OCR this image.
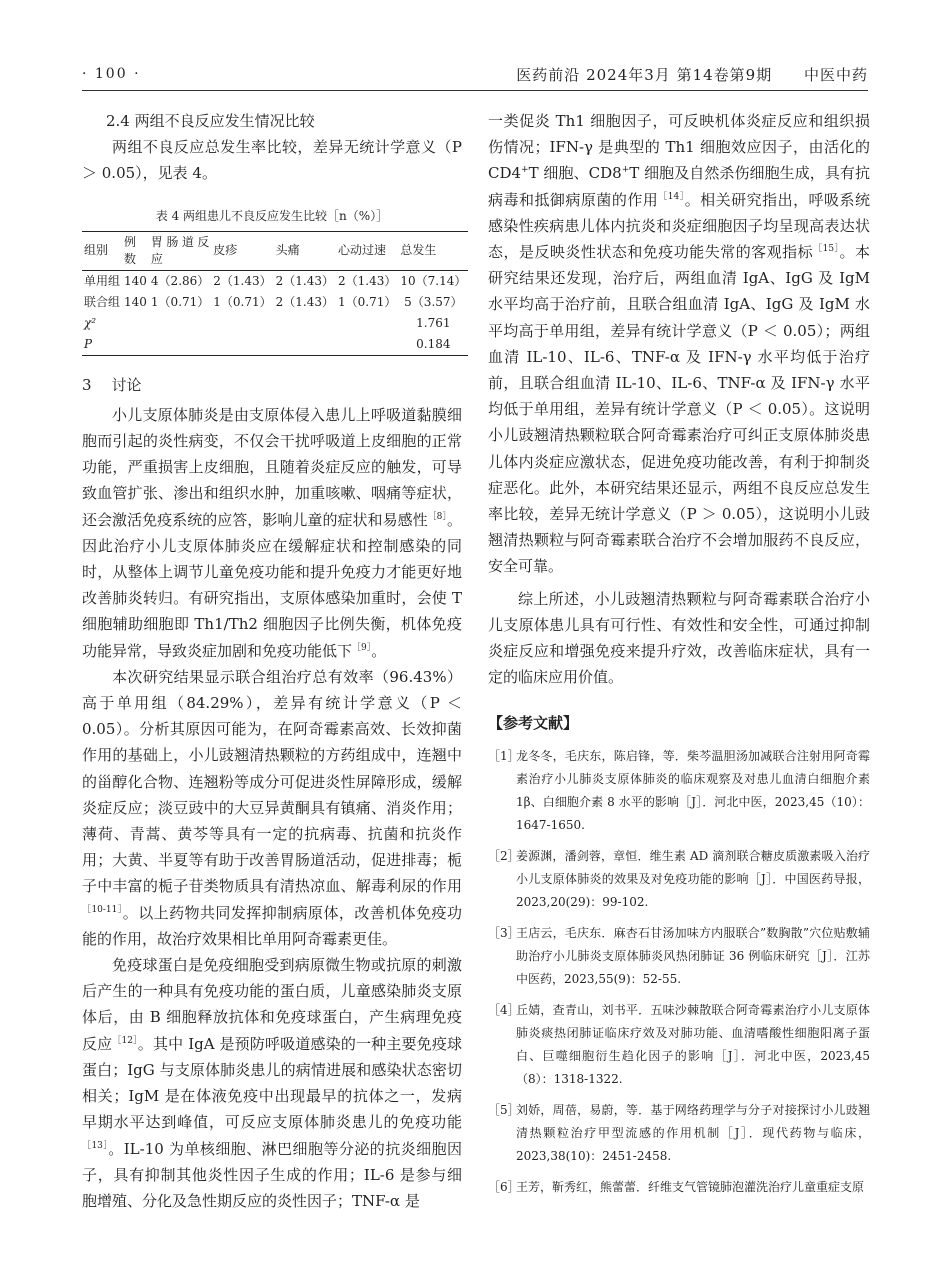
· 100 ·	医药前沿 2024年3月 第14卷第9期 中医中药

2.4 两组不良反应发生情况比较

两组不良反应总发生率比较，差异无统计学意义（P ＞ 0.05），见表 4。

表 4 两组患儿不良反应发生比较［n（%）］
组别	例数	胃肠道反应	皮疹	头痛	心动过速	总发生
单用组	140	4（2.86）	2（1.43）	2（1.43）	2（1.43）	10（7.14）
联合组	140	1（0.71）	1（0.71）	2（1.43）	1（0.71）	5（3.57）
χ²						1.761
P						0.184

3 讨论

小儿支原体肺炎是由支原体侵入患儿上呼吸道黏膜细胞而引起的炎性病变，不仅会干扰呼吸道上皮细胞的正常功能，严重损害上皮细胞，且随着炎症反应的触发，可导致血管扩张、渗出和组织水肿，加重咳嗽、咽痛等症状，还会激活免疫系统的应答，影响儿童的症状和易感性$^{[8]}$。因此治疗小儿支原体肺炎应在缓解症状和控制感染的同时，从整体上调节儿童免疫功能和提升免疫力才能更好地改善肺炎转归。有研究指出，支原体感染加重时，会使 T 细胞辅助细胞即 Th1/Th2 细胞因子比例失衡，机体免疫功能异常，导致炎症加剧和免疫功能低下$^{[9]}$。

本次研究结果显示联合组治疗总有效率（96.43%）高于单用组（84.29%），差异有统计学意义（P ＜ 0.05）。分析其原因可能为，在阿奇霉素高效、长效抑菌作用的基础上，小儿豉翘清热颗粒的方药组成中，连翘中的甾醇化合物、连翘粉等成分可促进炎性屏障形成，缓解炎症反应；淡豆豉中的大豆异黄酮具有镇痛、消炎作用；薄荷、青蒿、黄芩等具有一定的抗病毒、抗菌和抗炎作用；大黄、半夏等有助于改善胃肠道活动，促进排毒；栀子中丰富的栀子苷类物质具有清热凉血、解毒利尿的作用$^{[10-11]}$。以上药物共同发挥抑制病原体，改善机体免疫功能的作用，故治疗效果相比单用阿奇霉素更佳。

免疫球蛋白是免疫细胞受到病原微生物或抗原的刺激后产生的一种具有免疫功能的蛋白质，儿童感染肺炎支原体后，由 B 细胞释放抗体和免疫球蛋白，产生病理免疫反应$^{[12]}$。其中 IgA 是预防呼吸道感染的一种主要免疫球蛋白；IgG 与支原体肺炎患儿的病情进展和感染状态密切相关；IgM 是在体液免疫中出现最早的抗体之一，发病早期水平达到峰值，可反应支原体肺炎患儿的免疫功能$^{[13]}$。IL-10 为单核细胞、淋巴细胞等分泌的抗炎细胞因子，具有抑制其他炎性因子生成的作用；IL-6 是参与细胞增殖、分化及急性期反应的炎性因子；TNF-α 是

一类促炎 Th1 细胞因子，可反映机体炎症反应和组织损伤情况；IFN-γ 是典型的 Th1 细胞效应因子，由活化的 CD4+T 细胞、CD8+T 细胞及自然杀伤细胞生成，具有抗病毒和抵御病原菌的作用$^{[14]}$。相关研究指出，呼吸系统感染性疾病患儿体内抗炎和炎症细胞因子均呈现高表达状态，是反映炎性状态和免疫功能失常的客观指标$^{[15]}$。本研究结果还发现，治疗后，两组血清 IgA、IgG 及 IgM 水平均高于治疗前，且联合组血清 IgA、IgG 及 IgM 水平均高于单用组，差异有统计学意义（P ＜ 0.05）；两组血清 IL-10、IL-6、TNF-α 及 IFN-γ 水平均低于治疗前，且联合组血清 IL-10、IL-6、TNF-α 及 IFN-γ 水平均低于单用组，差异有统计学意义（P ＜ 0.05）。这说明小儿豉翘清热颗粒联合阿奇霉素治疗可纠正支原体肺炎患儿体内炎症应激状态，促进免疫功能改善，有利于抑制炎症恶化。此外，本研究结果还显示，两组不良反应总发生率比较，差异无统计学意义（P ＞ 0.05），这说明小儿豉翘清热颗粒与阿奇霉素联合治疗不会增加服药不良反应，安全可靠。

综上所述，小儿豉翘清热颗粒与阿奇霉素联合治疗小儿支原体患儿具有可行性、有效性和安全性，可通过抑制炎症反应和增强免疫来提升疗效，改善临床症状，具有一定的临床应用价值。

【参考文献】

［1］
龙冬冬，毛庆东，陈启锋，等．柴芩温胆汤加减联合注射用阿奇霉素治疗小儿肺炎支原体肺炎的临床观察及对患儿血清白细胞介素 1β、白细胞介素 8 水平的影响［J］．河北中医，2023,45（10）：1647-1650.
［2］
姜源渊，潘剑蓉，章恒．维生素 AD 滴剂联合糖皮质激素吸入治疗小儿支原体肺炎的效果及对免疫功能的影响［J］．中国医药导报，2023,20(29)：99-102.
［3］
王店云，毛庆东．麻杏石甘汤加味方内服联合”数胸散”穴位贴敷辅助治疗小儿肺炎支原体肺炎风热闭肺证 36 例临床研究［J］．江苏中医药，2023,55(9)：52-55.
［4］
丘婧，查青山，刘书平．五味沙棘散联合阿奇霉素治疗小儿支原体肺炎痰热闭肺证临床疗效及对肺功能、血清嗜酸性细胞阳离子蛋白、巨噬细胞衍生趋化因子的影响［J］．河北中医，2023,45（8）：1318-1322.
［5］
刘娇，周蓓，易蔚，等．基于网络药理学与分子对接探讨小儿豉翘清热颗粒治疗甲型流感的作用机制［J］．现代药物与临床，2023,38(10)：2451-2458.
［6］
王芳，靳秀红，熊蕾蕾．纤维支气管镜肺泡灌洗治疗儿童重症支原
